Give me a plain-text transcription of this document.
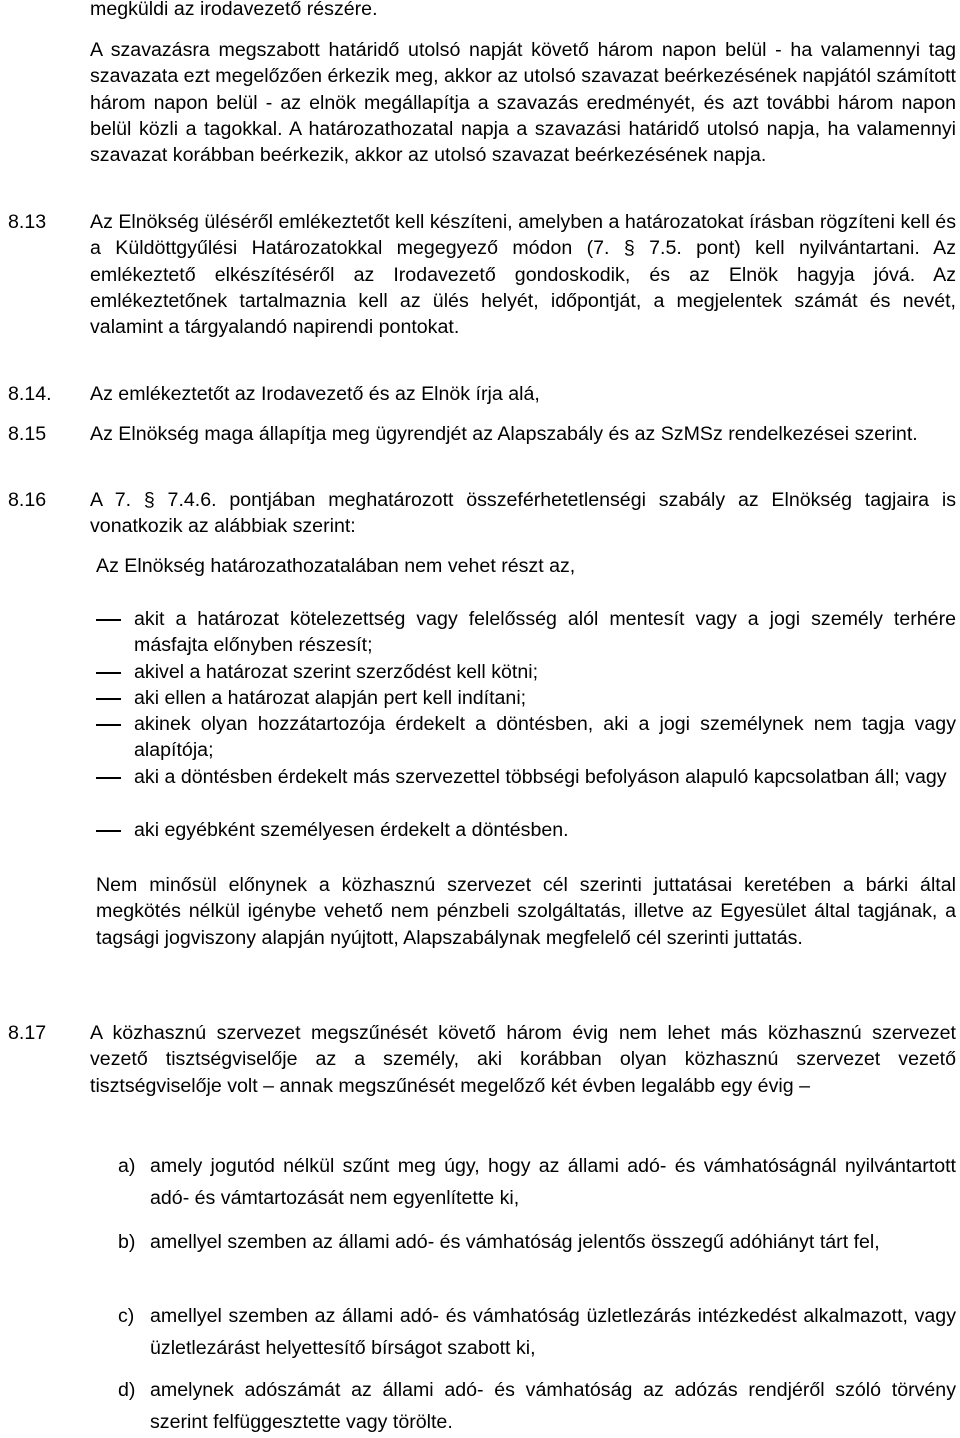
megküldi az irodavezető részére.

A szavazásra megszabott határidő utolsó napját követő három napon belül - ha valamennyi tag szavazata ezt megelőzően érkezik meg, akkor az utolsó szavazat beérkezésének napjától számított három napon belül - az elnök megállapítja a szavazás eredményét, és azt további három napon belül közli a tagokkal. A határozathozatal napja a szavazási határidő utolsó napja, ha valamennyi szavazat korábban beérkezik, akkor az utolsó szavazat beérkezésének napja.

8.13 Az Elnökség üléséről emlékeztetőt kell készíteni, amelyben a határozatokat írásban rögzíteni kell és a Küldöttgyűlési Határozatokkal megegyező módon (7. § 7.5. pont) kell nyilvántartani. Az emlékeztető elkészítéséről az Irodavezető gondoskodik, és az Elnök hagyja jóvá. Az emlékeztetőnek tartalmaznia kell az ülés helyét, időpontját, a megjelentek számát és nevét, valamint a tárgyalandó napirendi pontokat.

8.14. Az emlékeztetőt az Irodavezető és az Elnök írja alá,

8.15 Az Elnökség maga állapítja meg ügyrendjét az Alapszabály és az SzMSz rendelkezései szerint.

8.16 A 7. § 7.4.6. pontjában meghatározott összeférhetetlenségi szabály az Elnökség tagjaira is vonatkozik az alábbiak szerint:

Az Elnökség határozathozatalában nem vehet részt az,

akit a határozat kötelezettség vagy felelősség alól mentesít vagy a jogi személy terhére másfajta előnyben részesít;

akivel a határozat szerint szerződést kell kötni;

aki ellen a határozat alapján pert kell indítani;

akinek olyan hozzátartozója érdekelt a döntésben, aki a jogi személynek nem tagja vagy alapítója;

aki a döntésben érdekelt más szervezettel többségi befolyáson alapuló kapcsolatban áll; vagy

aki egyébként személyesen érdekelt a döntésben.

Nem minősül előnynek a közhasznú szervezet cél szerinti juttatásai keretében a bárki által megkötés nélkül igénybe vehető nem pénzbeli szolgáltatás, illetve az Egyesület által tagjának, a tagsági jogviszony alapján nyújtott, Alapszabálynak megfelelő cél szerinti juttatás.

8.17 A közhasznú szervezet megszűnését követő három évig nem lehet más közhasznú szervezet vezető tisztségviselője az a személy, aki korábban olyan közhasznú szervezet vezető tisztségviselője volt – annak megszűnését megelőző két évben legalább egy évig –

a) amely jogutód nélkül szűnt meg úgy, hogy az állami adó- és vámhatóságnál nyilvántartott adó- és vámtartozását nem egyenlítette ki,

b) amellyel szemben az állami adó- és vámhatóság jelentős összegű adóhiányt tárt fel,

c) amellyel szemben az állami adó- és vámhatóság üzletlezárás intézkedést alkalmazott, vagy üzletlezárást helyettesítő bírságot szabott ki,

d) amelynek adószámát az állami adó- és vámhatóság az adózás rendjéről szóló törvény szerint felfüggesztette vagy törölte.
